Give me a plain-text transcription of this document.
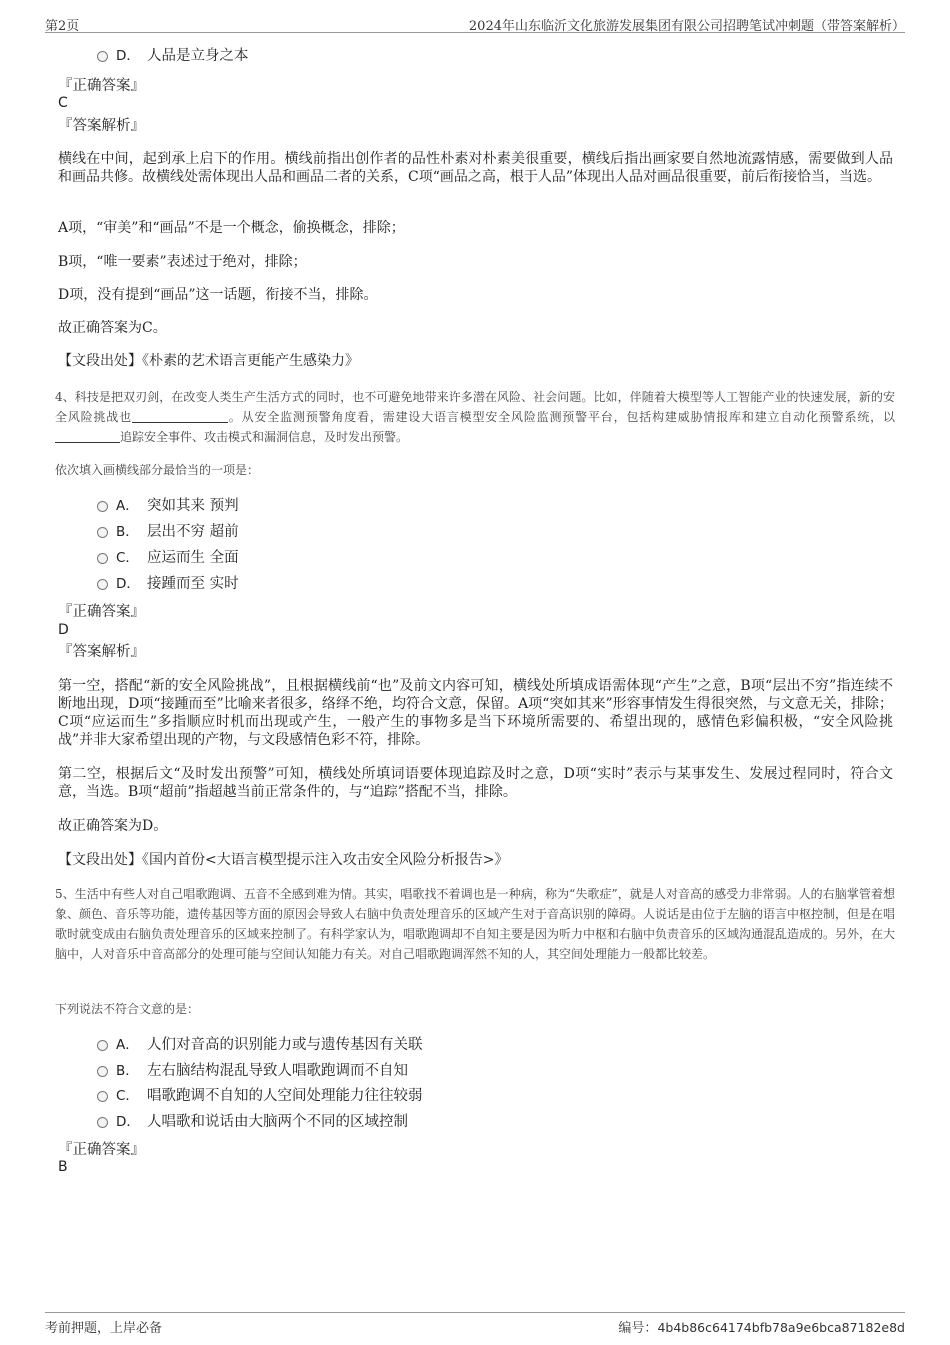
第2页	2024年山东临沂文化旅游发展集团有限公司招聘笔试冲刺题（带答案解析）
D． 人品是立身之本
『正确答案』
C
『答案解析』
横线在中间，起到承上启下的作用。横线前指出创作者的品性朴素对朴素美很重要，横线后指出画家要自然地流露情感，需要做到人品和画品共修。故横线处需体现出人品和画品二者的关系，C项“画品之高，根于人品”体现出人品对画品很重要，前后衔接恰当，当选。
A项，“审美”和“画品”不是一个概念，偷换概念，排除；
B项，“唯一要素”表述过于绝对，排除；
D项，没有提到“画品”这一话题，衔接不当，排除。
故正确答案为C。
【文段出处】《朴素的艺术语言更能产生感染力》
4、科技是把双刃剑，在改变人类生产生活方式的同时，也不可避免地带来许多潜在风险、社会问题。比如，伴随着大模型等人工智能产业的快速发展，新的安全风险挑战也	。从安全监测预警角度看，需建设大语言模型安全风险监测预警平台，包括构建威胁情报库和建立自动化预警系统，以追踪安全事件、攻击模式和漏洞信息，及时发出预警。
依次填入画横线部分最恰当的一项是：
A． 突如其来 预判
B． 层出不穷 超前
C． 应运而生 全面
D． 接踵而至 实时
『正确答案』
D
『答案解析』
第一空，搭配“新的安全风险挑战”，且根据横线前“也”及前文内容可知，横线处所填成语需体现“产生”之意，B项“层出不穷”指连续不断地出现，D项“接踵而至”比喻来者很多，络绎不绝，均符合文意，保留。A项“突如其来”形容事情发生得很突然，与文意无关，排除；C项“应运而生”多指顺应时机而出现或产生，一般产生的事物多是当下环境所需要的、希望出现的，感情色彩偏积极，“安全风险挑战”并非大家希望出现的产物，与文段感情色彩不符，排除。
第二空，根据后文“及时发出预警”可知，横线处所填词语要体现追踪及时之意，D项“实时”表示与某事发生、发展过程同时，符合文意，当选。B项“超前”指超越当前正常条件的，与“追踪”搭配不当，排除。
故正确答案为D。
【文段出处】《国内首份<大语言模型提示注入攻击安全风险分析报告>》
5、生活中有些人对自己唱歌跑调、五音不全感到难为情。其实，唱歌找不着调也是一种病，称为“失歌症”，就是人对音高的感受力非常弱。人的右脑掌管着想象、颜色、音乐等功能，遗传基因等方面的原因会导致人右脑中负责处理音乐的区域产生对于音高识别的障碍。人说话是由位于左脑的语言中枢控制，但是在唱歌时就变成由右脑负责处理音乐的区域来控制了。有科学家认为，唱歌跑调却不自知主要是因为听力中枢和右脑中负责音乐的区域沟通混乱造成的。另外，在大脑中，人对音乐中音高部分的处理可能与空间认知能力有关。对自己唱歌跑调浑然不知的人，其空间处理能力一般都比较差。
下列说法不符合文意的是：
A． 人们对音高的识别能力或与遗传基因有关联
B． 左右脑结构混乱导致人唱歌跑调而不自知
C． 唱歌跑调不自知的人空间处理能力往往较弱
D． 人唱歌和说话由大脑两个不同的区域控制
『正确答案』
B
考前押题，上岸必备	编号：4b4b86c64174bfb78a9e6bca87182e8d
